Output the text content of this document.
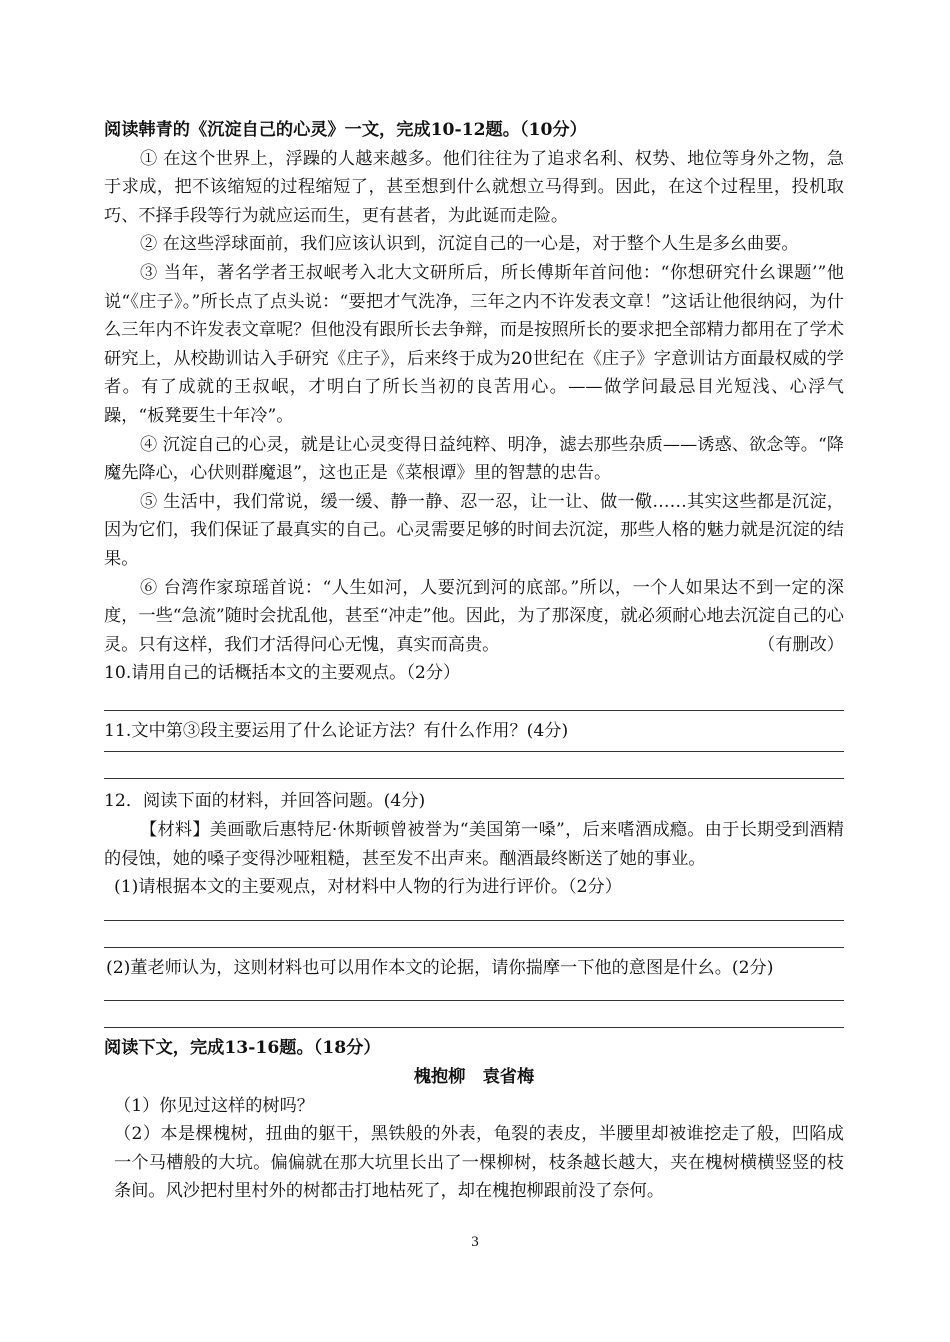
阅读韩青的《沉淀自己的心灵》一文，完成10-12题。（10分）

① 在这个世界上，浮躁的人越来越多。他们往往为了追求名利、权势、地位等身外之物，急于求成，把不该缩短的过程缩短了，甚至想到什么就想立马得到。因此，在这个过程里，投机取巧、不择手段等行为就应运而生，更有甚者，为此诞而走险。

② 在这些浮球面前，我们应该认识到，沉淀自己的一心是，对于整个人生是多幺曲要。

③ 当年，著名学者王叔岷考入北大文研所后，所长傅斯年首问他：“你想研究什幺课题’”他说“《庄子》。”所长点了点头说：“要把才气洗净，三年之内不许发表文章！”这话让他很纳闷，为什么三年内不许发表文章呢？但他没有跟所长去争辩，而是按照所长的要求把全部精力都用在了学术研究上，从校勘训诂入手研究《庄子》，后来终于成为20世纪在《庄子》字意训诂方面最权威的学者。有了成就的王叔岷，才明白了所长当初的良苦用心。——做学问最忌目光短浅、心浮气躁，“板凳要生十年冷”。

④ 沉淀自己的心灵，就是让心灵变得日益纯粹、明净，滤去那些杂质——诱惑、欲念等。“降魔先降心，心伏则群魔退”，这也正是《菜根谭》里的智慧的忠告。

⑤ 生活中，我们常说，缓一缓、静一静、忍一忍，让一让、做一儆……其实这些都是沉淀，因为它们，我们保证了最真实的自己。心灵需要足够的时间去沉淀，那些人格的魅力就是沉淀的结果。

⑥ 台湾作家琼瑶首说：“人生如河，人要沉到河的底部。”所以，一个人如果达不到一定的深度，一些“急流”随时会扰乱他，甚至“冲走”他。因此，为了那深度，就必须耐心地去沉淀自己的心灵。只有这样，我们才活得问心无愧，真实而高贵。	（有删改）

10.请用自己的话概括本文的主要观点。（2分）

11.文中第③段主要运用了什么论证方法？有什么作用？(4分)

12．阅读下面的材料，并回答问题。(4分)

【材料】美画歌后惠特尼·休斯顿曾被誉为“美国第一嗓”，后来嗜酒成瘾。由于长期受到酒精的侵蚀，她的嗓子变得沙哑粗糙，甚至发不出声来。酗酒最终断送了她的事业。

(1)请根据本文的主要观点，对材料中人物的行为进行评价。（2分）

(2)董老师认为，这则材料也可以用作本文的论据，请你揣摩一下他的意图是什幺。(2分)

阅读下文，完成13-16题。（18分）

槐抱柳　袁省梅

（1）你见过这样的树吗？

（2）本是棵槐树，扭曲的躯干，黑铁般的外表，龟裂的表皮，半腰里却被谁挖走了般，凹陷成一个马槽般的大坑。偏偏就在那大坑里长出了一棵柳树，枝条越长越大，夹在槐树横横竖竖的枝条间。风沙把村里村外的树都击打地枯死了，却在槐抱柳跟前没了奈何。

3
